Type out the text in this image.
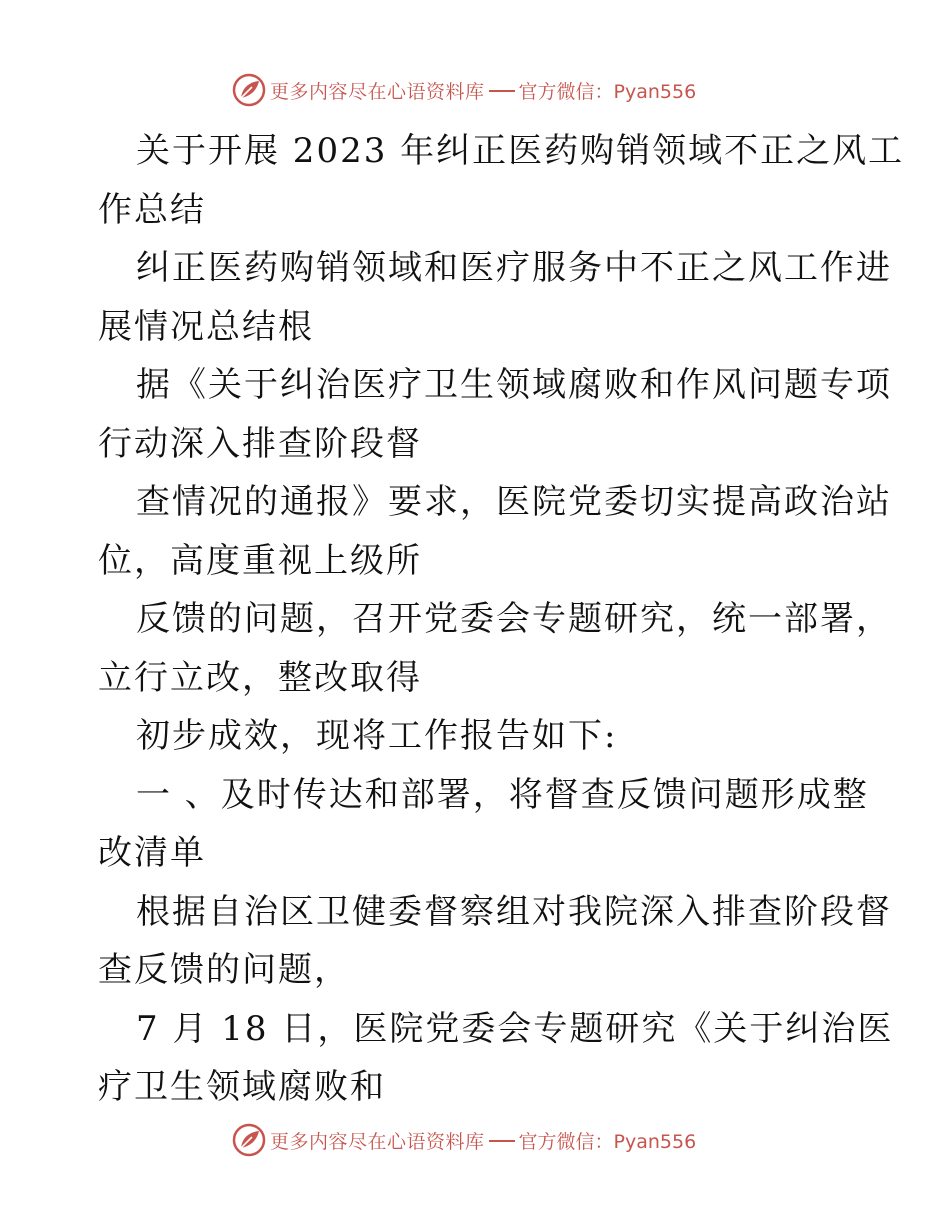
更多内容尽在心语资料库 官方微信：Pyan556
关于开展 2023 年纠正医药购销领域不正之风工
作总结
纠正医药购销领域和医疗服务中不正之风工作进
展情况总结根
据《关于纠治医疗卫生领域腐败和作风问题专项
行动深入排查阶段督
查情况的通报》要求，医院党委切实提高政治站
位，高度重视上级所
反馈的问题，召开党委会专题研究，统一部署，
立行立改，整改取得
初步成效，现将工作报告如下:
一 、及时传达和部署，将督查反馈问题形成整
改清单
根据自治区卫健委督察组对我院深入排查阶段督
查反馈的问题，
7 月 18 日，医院党委会专题研究《关于纠治医
疗卫生领域腐败和
更多内容尽在心语资料库 官方微信：Pyan556
